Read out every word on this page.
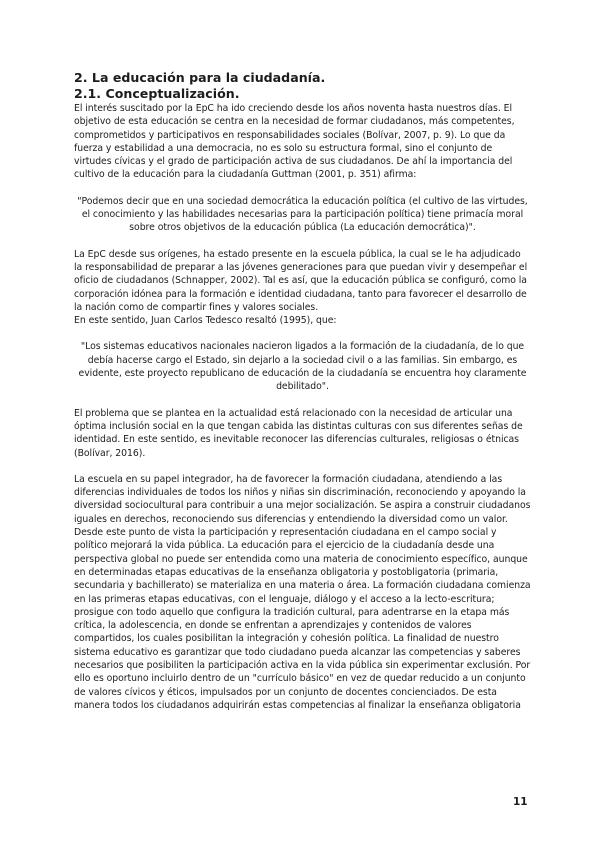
2. La educación para la ciudadanía.
2.1. Conceptualización.

El interés suscitado por la EpC ha ido creciendo desde los años noventa hasta nuestros días. El objetivo de esta educación se centra en la necesidad de formar ciudadanos, más competentes, comprometidos y participativos en responsabilidades sociales (Bolívar, 2007, p. 9). Lo que da fuerza y estabilidad a una democracia, no es solo su estructura formal, sino el conjunto de virtudes cívicas y el grado de participación activa de sus ciudadanos. De ahí la importancia del cultivo de la educación para la ciudadanía Guttman (2001, p. 351) afirma:

"Podemos decir que en una sociedad democrática la educación política (el cultivo de las virtudes, el conocimiento y las habilidades necesarias para la participación política) tiene primacía moral sobre otros objetivos de la educación pública (La educación democrática)".

La EpC desde sus orígenes, ha estado presente en la escuela pública, la cual se le ha adjudicado la responsabilidad de preparar a las jóvenes generaciones para que puedan vivir y desempeñar el oficio de ciudadanos (Schnapper, 2002). Tal es así, que la educación pública se configuró, como la corporación idónea para la formación e identidad ciudadana, tanto para favorecer el desarrollo de la nación como de compartir fines y valores sociales.

En este sentido, Juan Carlos Tedesco resaltó (1995), que:

"Los sistemas educativos nacionales nacieron ligados a la formación de la ciudadanía, de lo que debía hacerse cargo el Estado, sin dejarlo a la sociedad civil o a las familias. Sin embargo, es evidente, este proyecto republicano de educación de la ciudadanía se encuentra hoy claramente debilitado".

El problema que se plantea en la actualidad está relacionado con la necesidad de articular una óptima inclusión social en la que tengan cabida las distintas culturas con sus diferentes señas de identidad. En este sentido, es inevitable reconocer las diferencias culturales, religiosas o étnicas (Bolívar, 2016).

La escuela en su papel integrador, ha de favorecer la formación ciudadana, atendiendo a las diferencias individuales de todos los niños y niñas sin discriminación, reconociendo y apoyando la diversidad sociocultural para contribuir a una mejor socialización. Se aspira a construir ciudadanos iguales en derechos, reconociendo sus diferencias y entendiendo la diversidad como un valor. Desde este punto de vista la participación y representación ciudadana en el campo social y político mejorará la vida pública. La educación para el ejercicio de la ciudadanía desde una perspectiva global no puede ser entendida como una materia de conocimiento específico, aunque en determinadas etapas educativas de la enseñanza obligatoria y postobligatoria (primaria, secundaria y bachillerato) se materializa en una materia o área. La formación ciudadana comienza en las primeras etapas educativas, con el lenguaje, diálogo y el acceso a la lecto-escritura; prosigue con todo aquello que configura la tradición cultural, para adentrarse en la etapa más crítica, la adolescencia, en donde se enfrentan a aprendizajes y contenidos de valores compartidos, los cuales posibilitan la integración y cohesión política. La finalidad de nuestro sistema educativo es garantizar que todo ciudadano pueda alcanzar las competencias y saberes necesarios que posibiliten la participación activa en la vida pública sin experimentar exclusión. Por ello es oportuno incluirlo dentro de un "currículo básico" en vez de quedar reducido a un conjunto de valores cívicos y éticos, impulsados por un conjunto de docentes concienciados. De esta manera todos los ciudadanos adquirirán estas competencias al finalizar la enseñanza obligatoria

11
